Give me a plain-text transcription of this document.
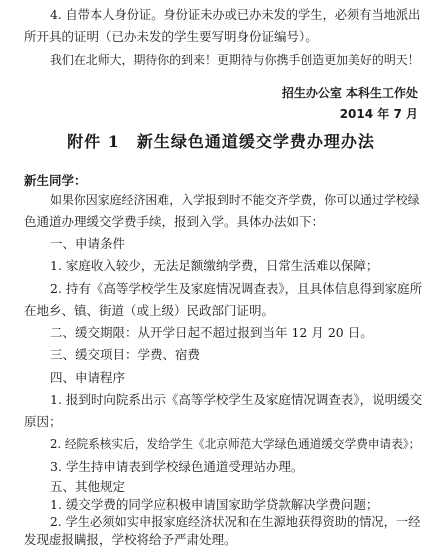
4. 自带本人身份证。身份证未办或已办未发的学生，必须有当地派出
所开具的证明（已办未发的学生要写明身份证编号）。
我们在北师大，期待你的到来！更期待与你携手创造更加美好的明天！
招生办公室 本科生工作处
2014 年 7 月
附件 1　新生绿色通道缓交学费办理办法
新生同学：
如果你因家庭经济困难，入学报到时不能交齐学费，你可以通过学校绿
色通道办理缓交学费手续，报到入学。具体办法如下：
一、申请条件
1. 家庭收入较少，无法足额缴纳学费，日常生活难以保障；
2. 持有《高等学校学生及家庭情况调查表》，且具体信息得到家庭所
在地乡、镇、街道（或上级）民政部门证明。
二、缓交期限：从开学日起不超过报到当年 12 月 20 日。
三、缓交项目：学费、宿费
四、申请程序
1. 报到时向院系出示《高等学校学生及家庭情况调查表》，说明缓交
原因；
2. 经院系核实后，发给学生《北京师范大学绿色通道缓交学费申请表》；
3. 学生持申请表到学校绿色通道受理站办理。
五、其他规定
1. 缓交学费的同学应积极申请国家助学贷款解决学费问题；
2. 学生必须如实申报家庭经济状况和在生源地获得资助的情况，一经
发现虚报瞒报，学校将给予严肃处理。
